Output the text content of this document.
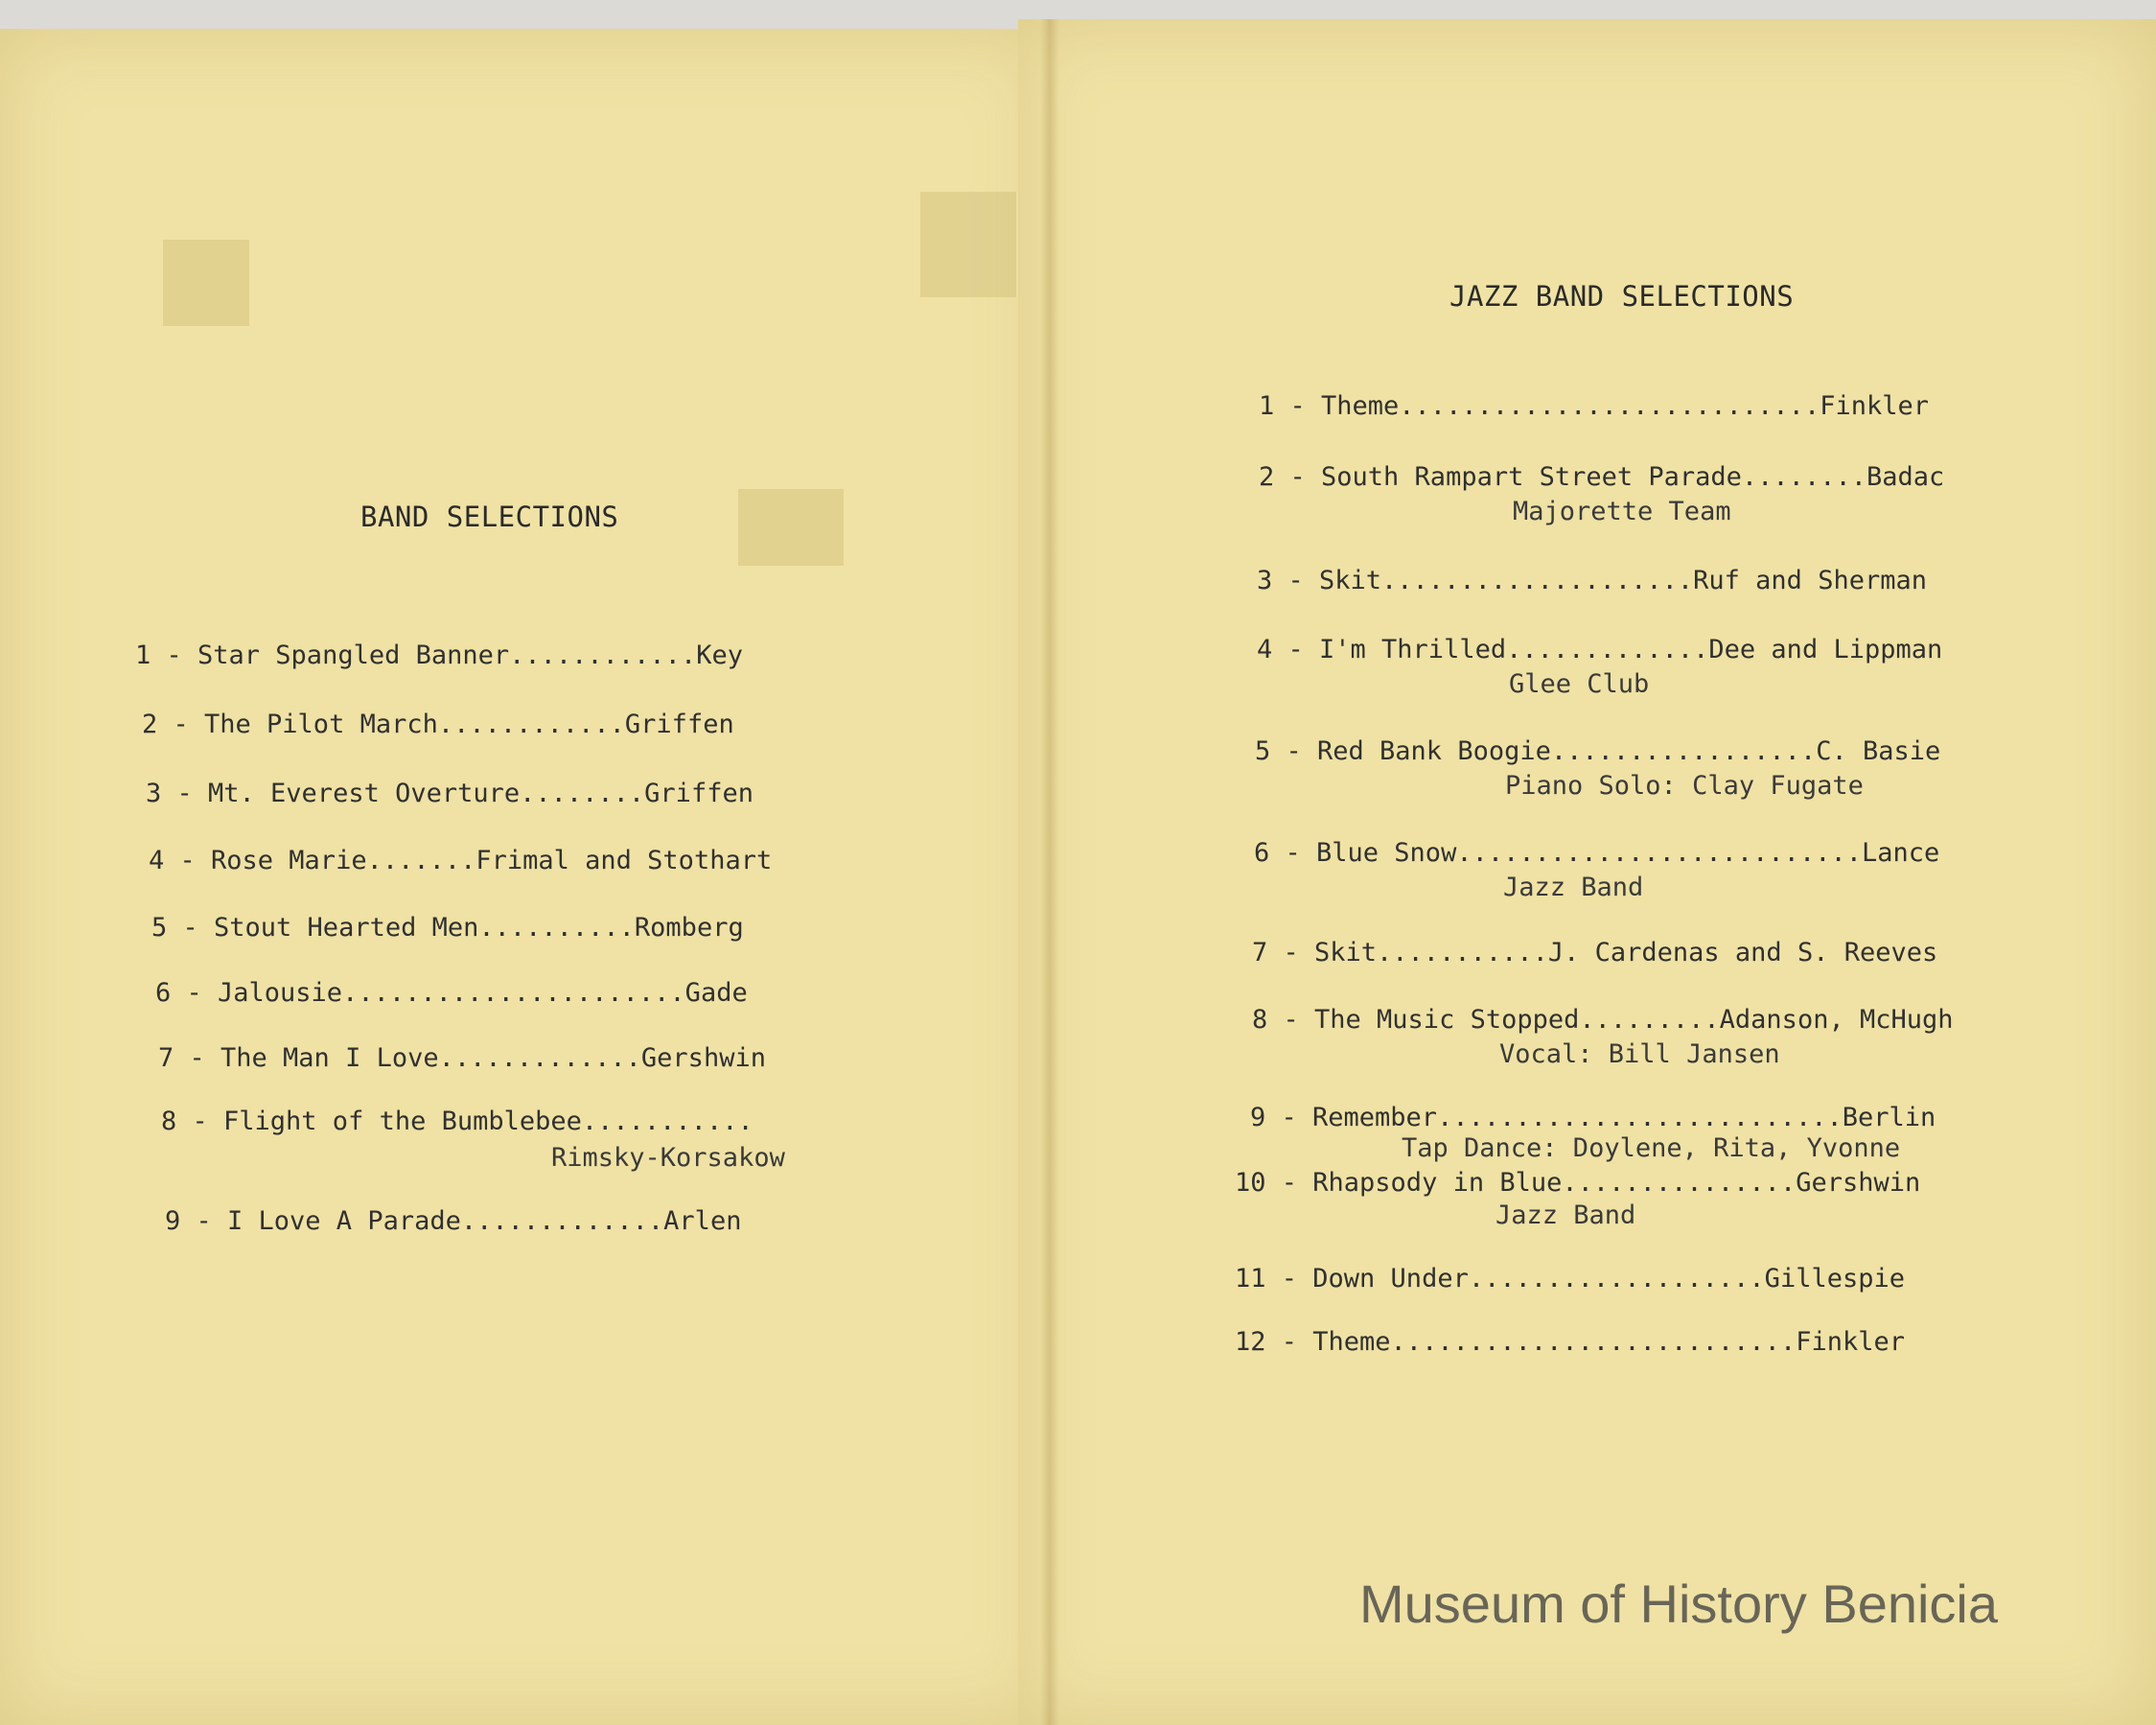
BAND SELECTIONS
1 - Star Spangled Banner............Key
2 - The Pilot March............Griffen
3 - Mt. Everest Overture........Griffen
4 - Rose Marie.......Frimal and Stothart
5 - Stout Hearted Men..........Romberg
6 - Jalousie......................Gade
7 - The Man I Love.............Gershwin
8 - Flight of the Bumblebee...........
Rimsky-Korsakow
9 - I Love A Parade.............Arlen
JAZZ BAND SELECTIONS
1 - Theme...........................Finkler
2 - South Rampart Street Parade........Badac
Majorette Team
3 - Skit....................Ruf and Sherman
4 - I'm Thrilled.............Dee and Lippman
Glee Club
5 - Red Bank Boogie.................C. Basie
Piano Solo: Clay Fugate
6 - Blue Snow..........................Lance
Jazz Band
7 - Skit...........J. Cardenas and S. Reeves
8 - The Music Stopped.........Adanson, McHugh
Vocal: Bill Jansen
9 - Remember..........................Berlin
Tap Dance: Doylene, Rita, Yvonne
10 - Rhapsody in Blue...............Gershwin
Jazz Band
11 - Down Under...................Gillespie
12 - Theme..........................Finkler
Museum of History Benicia
